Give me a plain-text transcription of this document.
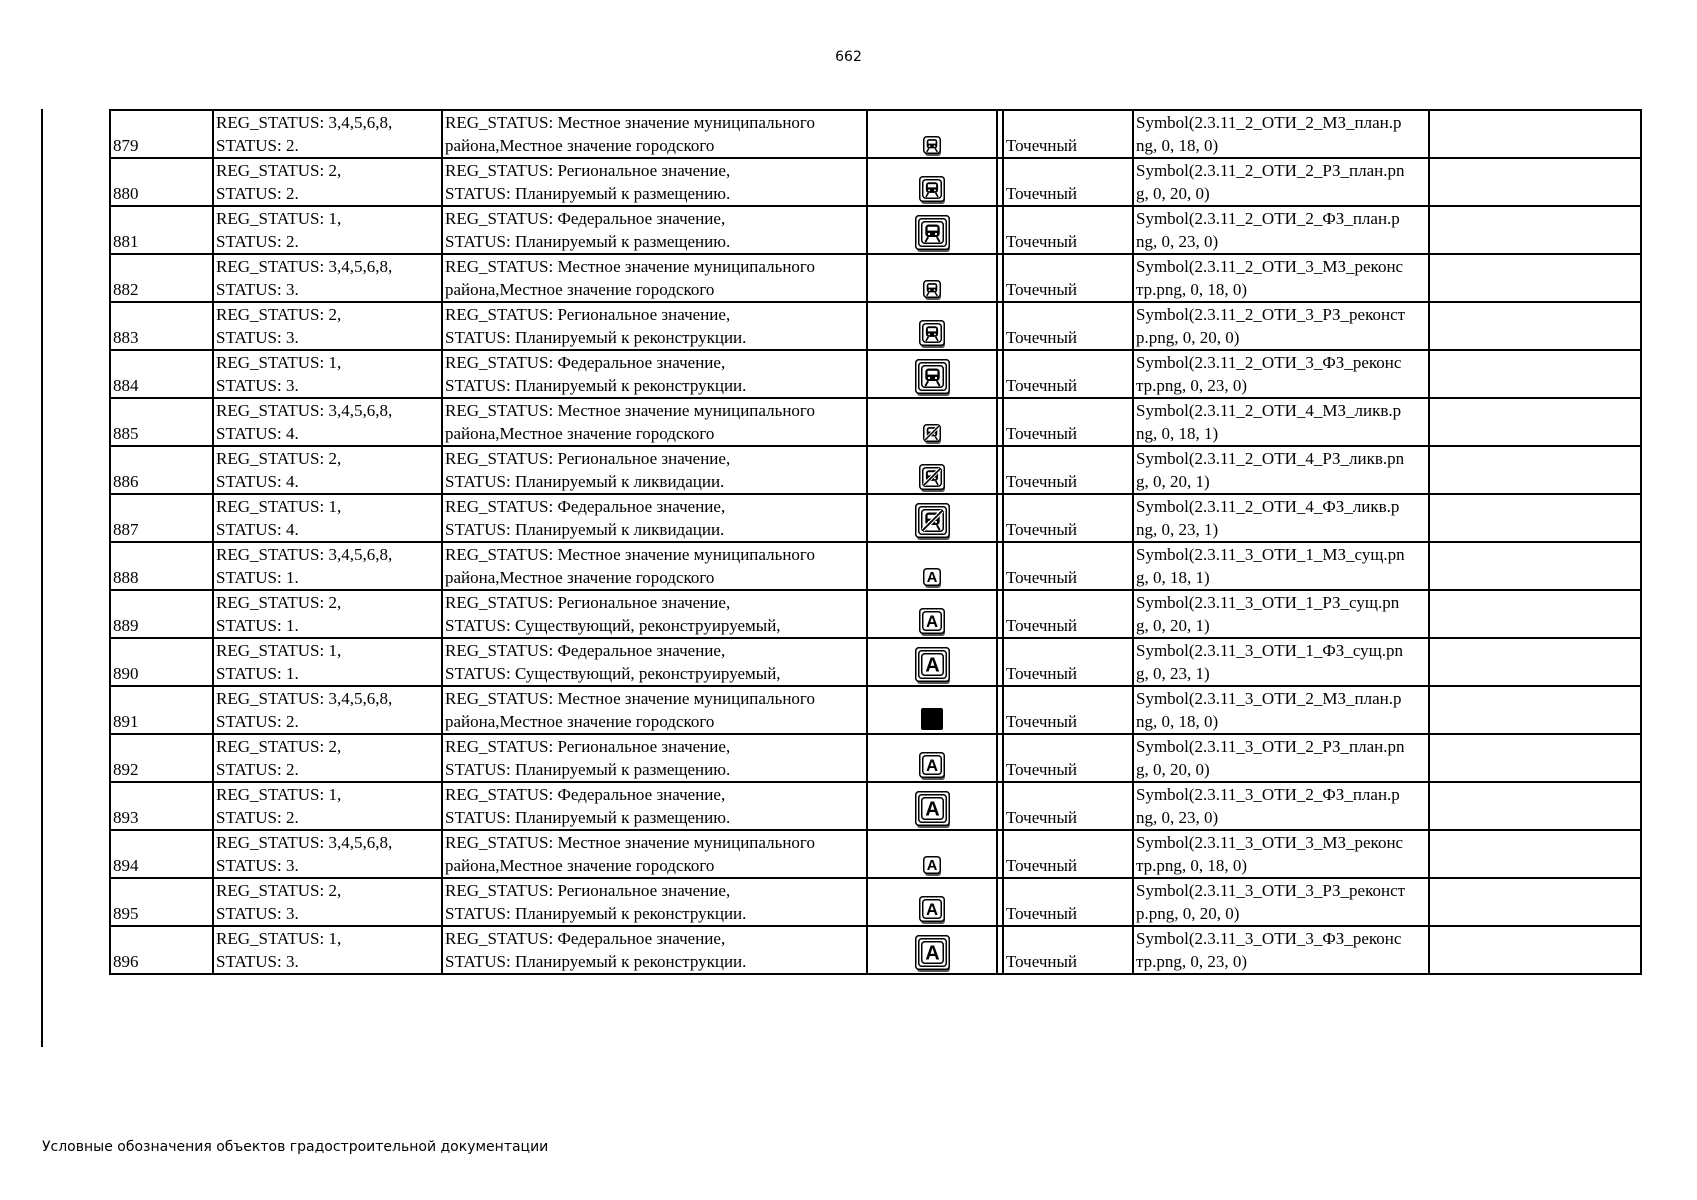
662
879	REG_STATUS: 3,4,5,6,8,
STATUS: 2.	REG_STATUS: Местное значение муниципального
района,Местное значение городского			Точечный	Symbol(2.3.11_2_ОТИ_2_МЗ_план.p
ng, 0, 18, 0)	

880	REG_STATUS: 2,
STATUS: 2.	REG_STATUS: Региональное значение,
STATUS: Планируемый к размещению.			Точечный	Symbol(2.3.11_2_ОТИ_2_РЗ_план.pn
g, 0, 20, 0)	

881	REG_STATUS: 1,
STATUS: 2.	REG_STATUS: Федеральное значение,
STATUS: Планируемый к размещению.			Точечный	Symbol(2.3.11_2_ОТИ_2_ФЗ_план.p
ng, 0, 23, 0)	

882	REG_STATUS: 3,4,5,6,8,
STATUS: 3.	REG_STATUS: Местное значение муниципального
района,Местное значение городского			Точечный	Symbol(2.3.11_2_ОТИ_3_МЗ_реконс
тр.png, 0, 18, 0)	

883	REG_STATUS: 2,
STATUS: 3.	REG_STATUS: Региональное значение,
STATUS: Планируемый к реконструкции.			Точечный	Symbol(2.3.11_2_ОТИ_3_РЗ_реконст
р.png, 0, 20, 0)	

884	REG_STATUS: 1,
STATUS: 3.	REG_STATUS: Федеральное значение,
STATUS: Планируемый к реконструкции.			Точечный	Symbol(2.3.11_2_ОТИ_3_ФЗ_реконс
тр.png, 0, 23, 0)	

885	REG_STATUS: 3,4,5,6,8,
STATUS: 4.	REG_STATUS: Местное значение муниципального
района,Местное значение городского			Точечный	Symbol(2.3.11_2_ОТИ_4_МЗ_ликв.p
ng, 0, 18, 1)	

886	REG_STATUS: 2,
STATUS: 4.	REG_STATUS: Региональное значение,
STATUS: Планируемый к ликвидации.			Точечный	Symbol(2.3.11_2_ОТИ_4_РЗ_ликв.pn
g, 0, 20, 1)	

887	REG_STATUS: 1,
STATUS: 4.	REG_STATUS: Федеральное значение,
STATUS: Планируемый к ликвидации.			Точечный	Symbol(2.3.11_2_ОТИ_4_ФЗ_ликв.p
ng, 0, 23, 1)	

888	REG_STATUS: 3,4,5,6,8,
STATUS: 1.	REG_STATUS: Местное значение муниципального
района,Местное значение городского	A		Точечный	Symbol(2.3.11_3_ОТИ_1_МЗ_сущ.pn
g, 0, 18, 1)	

889	REG_STATUS: 2,
STATUS: 1.	REG_STATUS: Региональное значение,
STATUS: Существующий, реконструируемый,	A		Точечный	Symbol(2.3.11_3_ОТИ_1_РЗ_сущ.pn
g, 0, 20, 1)	

890	REG_STATUS: 1,
STATUS: 1.	REG_STATUS: Федеральное значение,
STATUS: Существующий, реконструируемый,	A		Точечный	Symbol(2.3.11_3_ОТИ_1_ФЗ_сущ.pn
g, 0, 23, 1)	

891	REG_STATUS: 3,4,5,6,8,
STATUS: 2.	REG_STATUS: Местное значение муниципального
района,Местное значение городского			Точечный	Symbol(2.3.11_3_ОТИ_2_МЗ_план.p
ng, 0, 18, 0)	

892	REG_STATUS: 2,
STATUS: 2.	REG_STATUS: Региональное значение,
STATUS: Планируемый к размещению.	A		Точечный	Symbol(2.3.11_3_ОТИ_2_РЗ_план.pn
g, 0, 20, 0)	

893	REG_STATUS: 1,
STATUS: 2.	REG_STATUS: Федеральное значение,
STATUS: Планируемый к размещению.	A		Точечный	Symbol(2.3.11_3_ОТИ_2_ФЗ_план.p
ng, 0, 23, 0)	

894	REG_STATUS: 3,4,5,6,8,
STATUS: 3.	REG_STATUS: Местное значение муниципального
района,Местное значение городского	A		Точечный	Symbol(2.3.11_3_ОТИ_3_МЗ_реконс
тр.png, 0, 18, 0)	

895	REG_STATUS: 2,
STATUS: 3.	REG_STATUS: Региональное значение,
STATUS: Планируемый к реконструкции.	A		Точечный	Symbol(2.3.11_3_ОТИ_3_РЗ_реконст
р.png, 0, 20, 0)	

896	REG_STATUS: 1,
STATUS: 3.	REG_STATUS: Федеральное значение,
STATUS: Планируемый к реконструкции.	A		Точечный	Symbol(2.3.11_3_ОТИ_3_ФЗ_реконс
тр.png, 0, 23, 0)	

Условные обозначения объектов градостроительной документации
